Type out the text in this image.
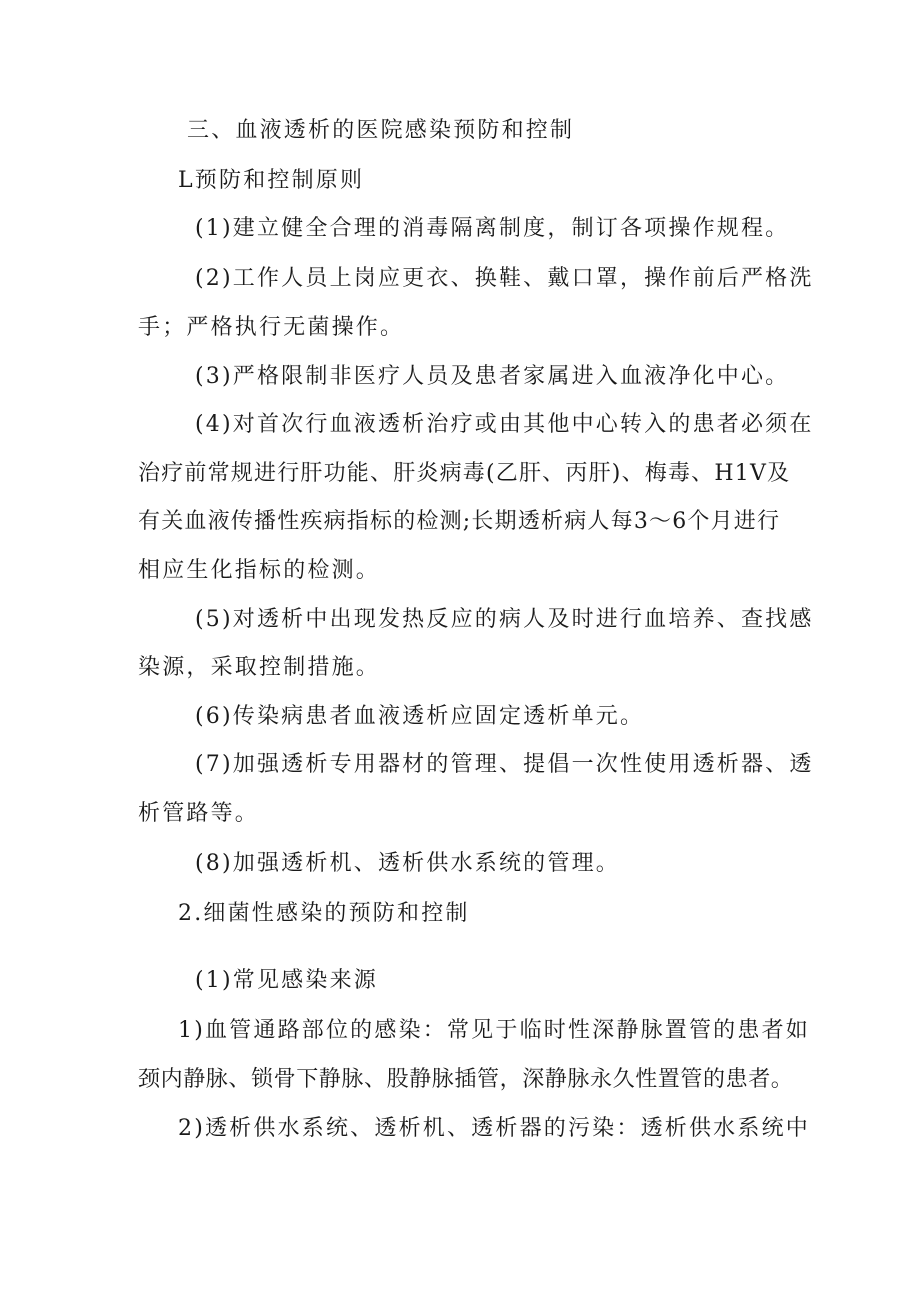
三、血液透析的医院感染预防和控制
L预防和控制原则
(1)建立健全合理的消毒隔离制度，制订各项操作规程。
(2)工作人员上岗应更衣、换鞋、戴口罩，操作前后严格洗
手；严格执行无菌操作。
(3)严格限制非医疗人员及患者家属进入血液净化中心。
(4)对首次行血液透析治疗或由其他中心转入的患者必须在
治疗前常规进行肝功能、肝炎病毒(乙肝、丙肝)、梅毒、H1V及
有关血液传播性疾病指标的检测;长期透析病人每3〜6个月进行
相应生化指标的检测。
(5)对透析中出现发热反应的病人及时进行血培养、查找感
染源，采取控制措施。
(6)传染病患者血液透析应固定透析单元。
(7)加强透析专用器材的管理、提倡一次性使用透析器、透
析管路等。
(8)加强透析机、透析供水系统的管理。
2.细菌性感染的预防和控制
(1)常见感染来源
1)血管通路部位的感染：常见于临时性深静脉置管的患者如
颈内静脉、锁骨下静脉、股静脉插管，深静脉永久性置管的患者。
2)透析供水系统、透析机、透析器的污染：透析供水系统中
